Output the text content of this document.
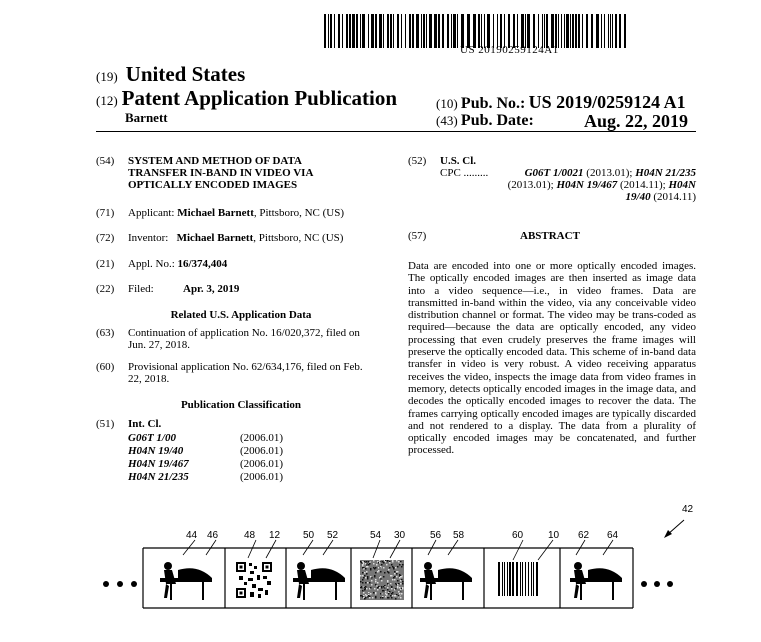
US 20190259124A1
(19) United States
(12) Patent Application Publication
Barnett
(10) Pub. No.: US 2019/0259124 A1
(43) Pub. Date:	Aug. 22, 2019
(54) SYSTEM AND METHOD OF DATA
TRANSFER IN-BAND IN VIDEO VIA
OPTICALLY ENCODED IMAGES
(71) Applicant: Michael Barnett, Pittsboro, NC (US)
(72) Inventor: Michael Barnett, Pittsboro, NC (US)
(21) Appl. No.: 16/374,404
(22) Filed:	Apr. 3, 2019
Related U.S. Application Data
(63) Continuation of application No. 16/020,372, filed on
Jun. 27, 2018.
(60) Provisional application No. 62/634,176, filed on Feb.
22, 2018.
Publication Classification
(51) Int. Cl.
G06T 1/00	(2006.01)
H04N 19/40	(2006.01)
H04N 19/467	(2006.01)
H04N 21/235	(2006.01)
(52) U.S. Cl.
CPC .........	G06T 1/0021 (2013.01); H04N 21/235
(2013.01); H04N 19/467 (2014.11); H04N
19/40 (2014.11)
(57)	ABSTRACT
Data are encoded into one or more optically encoded images. The optically encoded images are then inserted as image data into a video sequence—i.e., in video frames. Data are transmitted in-band within the video, via any conceivable video distribution channel or format. The video may be trans-coded as required—because the data are optically encoded, any video processing that even crudely preserves the frame images will preserve the optically encoded data. This scheme of in-band data transfer in video is very robust. A video receiving apparatus receives the video, inspects the image data from video frames in memory, detects optically encoded images in the image data, and decodes the optically encoded images to recover the data. The frames carrying optically encoded images are typically discarded and not rendered to a display. The data from a plurality of optically encoded images may be concatenated, and further processed.
42
44 46	48 12 50 52	54 30 56 58	60 10 62 64
